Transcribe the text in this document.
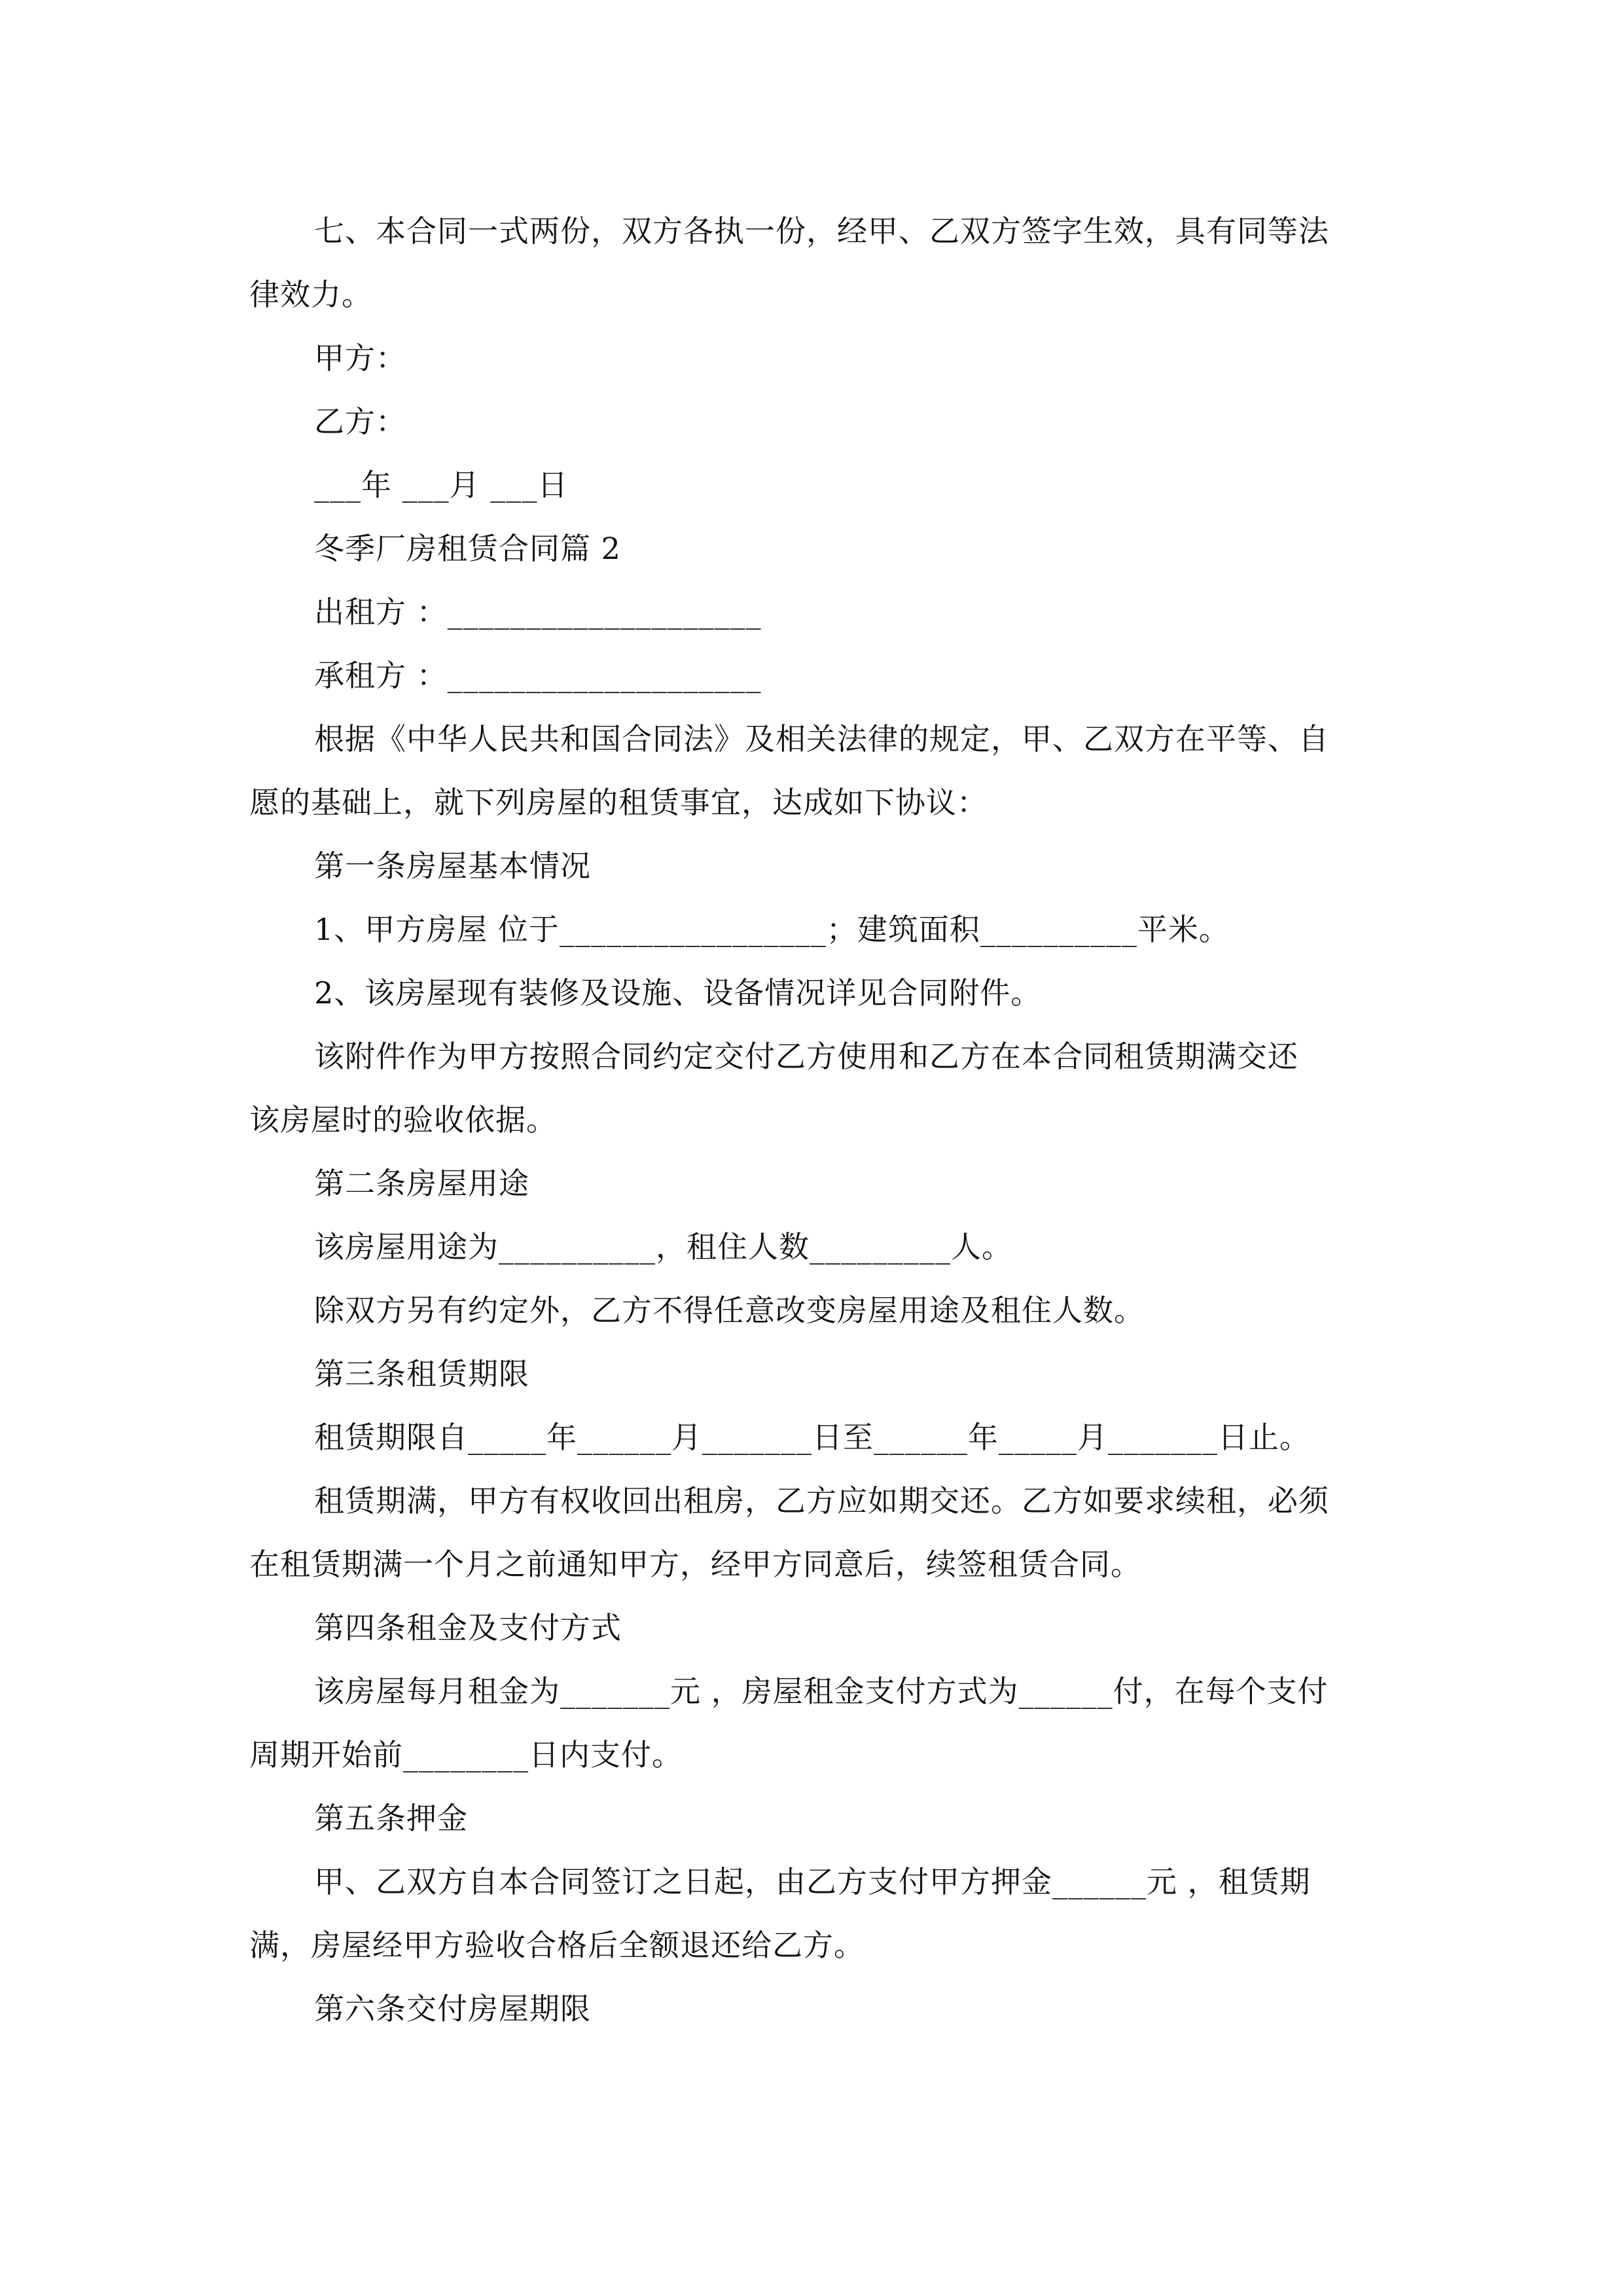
七、本合同一式两份，双方各执一份，经甲、乙双方签字生效，具有同等法
律效力。
甲方：
乙方：
___年 ___月 ___日
冬季厂房租赁合同篇 2
出租方 ：____________________
承租方 ：____________________
根据《中华人民共和国合同法》及相关法律的规定，甲、乙双方在平等、自
愿的基础上，就下列房屋的租赁事宜，达成如下协议：
第一条房屋基本情况
1、甲方房屋 位于_________________；建筑面积__________平米。
2、该房屋现有装修及设施、设备情况详见合同附件。
该附件作为甲方按照合同约定交付乙方使用和乙方在本合同租赁期满交还
该房屋时的验收依据。
第二条房屋用途
该房屋用途为__________，租住人数_________人。
除双方另有约定外，乙方不得任意改变房屋用途及租住人数。
第三条租赁期限
租赁期限自_____年______月_______日至______年_____月_______日止。
租赁期满，甲方有权收回出租房，乙方应如期交还。乙方如要求续租，必须
在租赁期满一个月之前通知甲方，经甲方同意后，续签租赁合同。
第四条租金及支付方式
该房屋每月租金为_______元 ，房屋租金支付方式为______付，在每个支付
周期开始前________日内支付。
第五条押金
甲、乙双方自本合同签订之日起，由乙方支付甲方押金______元 ，租赁期
满，房屋经甲方验收合格后全额退还给乙方。
第六条交付房屋期限
